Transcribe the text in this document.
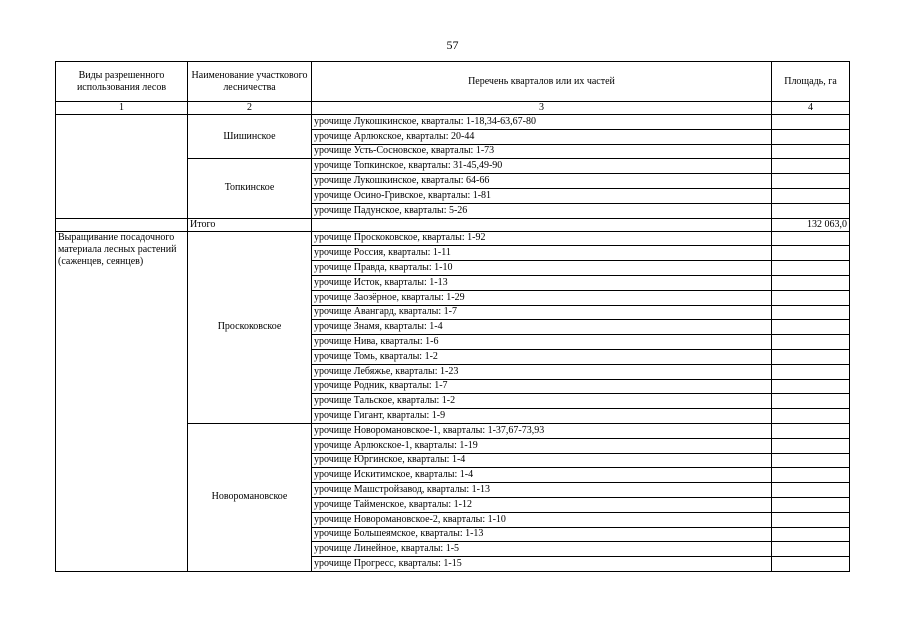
57
Виды разрешенного использования лесов	Наименование участкового лесничества	Перечень кварталов или их частей	Площадь, га
1	2	3	4
	Шишинское	урочище Лукошкинское, кварталы: 1-18,34-63,67-80	
		урочище Арлюкское, кварталы: 20-44	
		урочище Усть-Сосновское, кварталы: 1-73	
	Топкинское	урочище Топкинское, кварталы: 31-45,49-90	
		урочище Лукошкинское, кварталы: 64-66	
		урочище Осино-Гривское, кварталы: 1-81	
		урочище Падунское, кварталы: 5-26	
	Итого		132 063,0
Выращивание посадочного материала лесных растений (саженцев, сеянцев)	Проскоковское	урочище Проскоковское, кварталы: 1-92	
		урочище Россия, кварталы: 1-11	
		урочище Правда, кварталы: 1-10	
		урочище Исток, кварталы: 1-13	
		урочище Заозёрное, кварталы: 1-29	
		урочище Авангард, кварталы: 1-7	
		урочище Знамя, кварталы: 1-4	
		урочище Нива, кварталы: 1-6	
		урочище Томь, кварталы: 1-2	
		урочище Лебяжье, кварталы: 1-23	
		урочище Родник, кварталы: 1-7	
		урочище Тальское, кварталы: 1-2	
		урочище Гигант, кварталы: 1-9	
	Новоромановское	урочище Новоромановское-1, кварталы: 1-37,67-73,93	
		урочище Арлюкское-1, кварталы: 1-19	
		урочище Юргинское, кварталы: 1-4	
		урочище Искитимское, кварталы: 1-4	
		урочище Машстройзавод, кварталы: 1-13	
		урочище Тайменское, кварталы: 1-12	
		урочище Новоромановское-2, кварталы: 1-10	
		урочище Большеямское, кварталы: 1-13	
		урочище Линейное, кварталы: 1-5	
		урочище Прогресс, кварталы: 1-15	
